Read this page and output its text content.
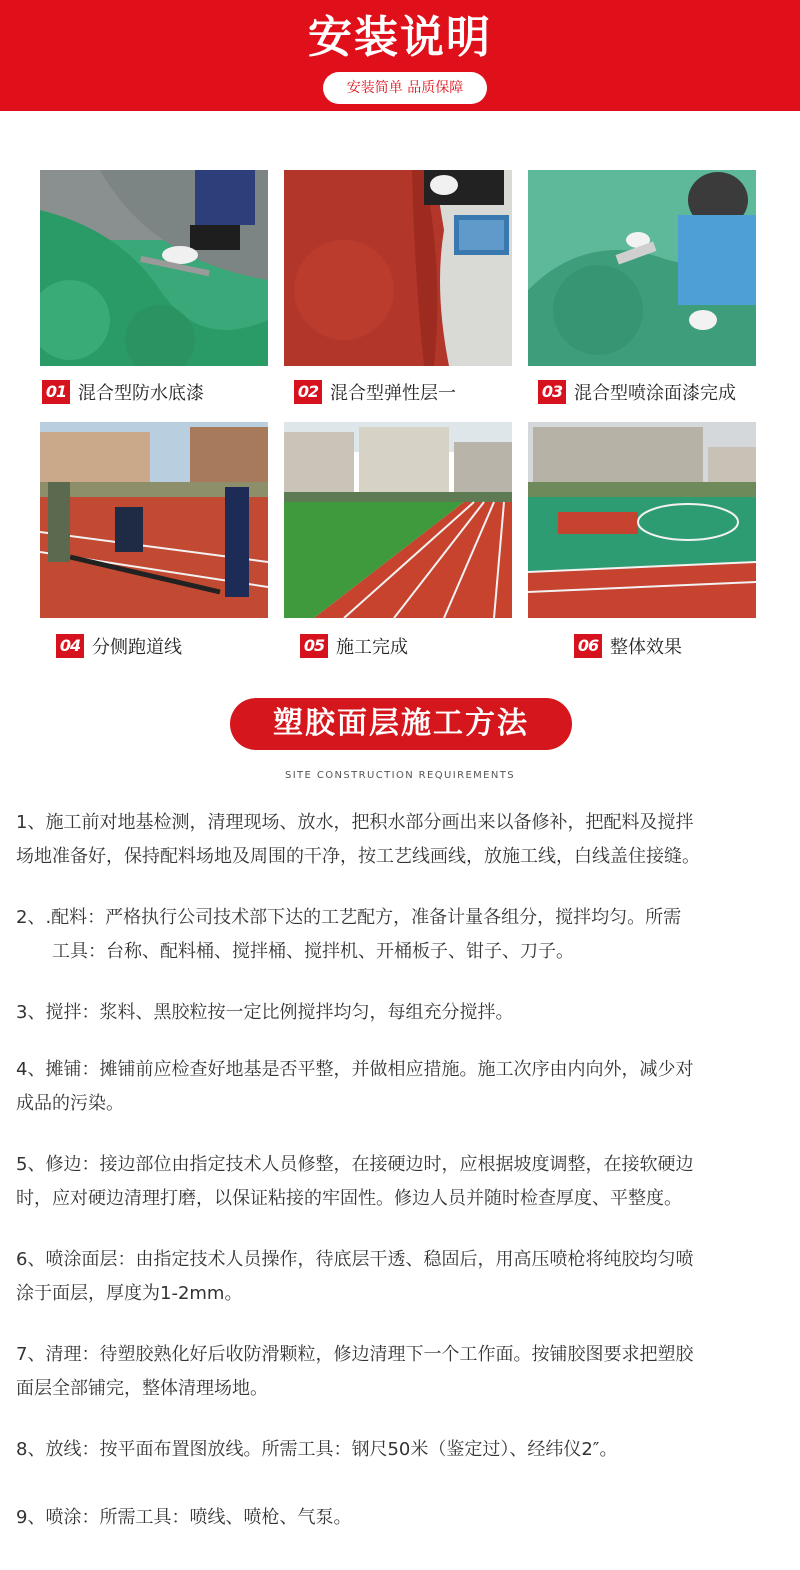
安装说明
安装简单 品质保障
01 混合型防水底漆	02 混合型弹性层一	03 混合型喷涂面漆完成
04 分侧跑道线	05 施工完成	06 整体效果
塑胶面层施工方法
SITE CONSTRUCTION REQUIREMENTS

1、施工前对地基检测，清理现场、放水，把积水部分画出来以备修补，把配料及搅拌

场地准备好，保持配料场地及周围的干净，按工艺线画线，放施工线，白线盖住接缝。

2、.配料：严格执行公司技术部下达的工艺配方，准备计量各组分，搅拌均匀。所需

工具：台称、配料桶、搅拌桶、搅拌机、开桶板子、钳子、刀子。

3、搅拌：浆料、黑胶粒按一定比例搅拌均匀，每组充分搅拌。

4、摊铺：摊铺前应检查好地基是否平整，并做相应措施。施工次序由内向外，减少对

成品的污染。

5、修边：接边部位由指定技术人员修整，在接硬边时，应根据坡度调整，在接软硬边

时，应对硬边清理打磨，以保证粘接的牢固性。修边人员并随时检查厚度、平整度。

6、喷涂面层：由指定技术人员操作，待底层干透、稳固后，用高压喷枪将纯胶均匀喷

涂于面层，厚度为1-2mm。

7、清理：待塑胶熟化好后收防滑颗粒，修边清理下一个工作面。按铺胶图要求把塑胶

面层全部铺完，整体清理场地。

8、放线：按平面布置图放线。所需工具：钢尺50米（鉴定过）、经纬仪2″。

9、喷涂：所需工具：喷线、喷枪、气泵。
